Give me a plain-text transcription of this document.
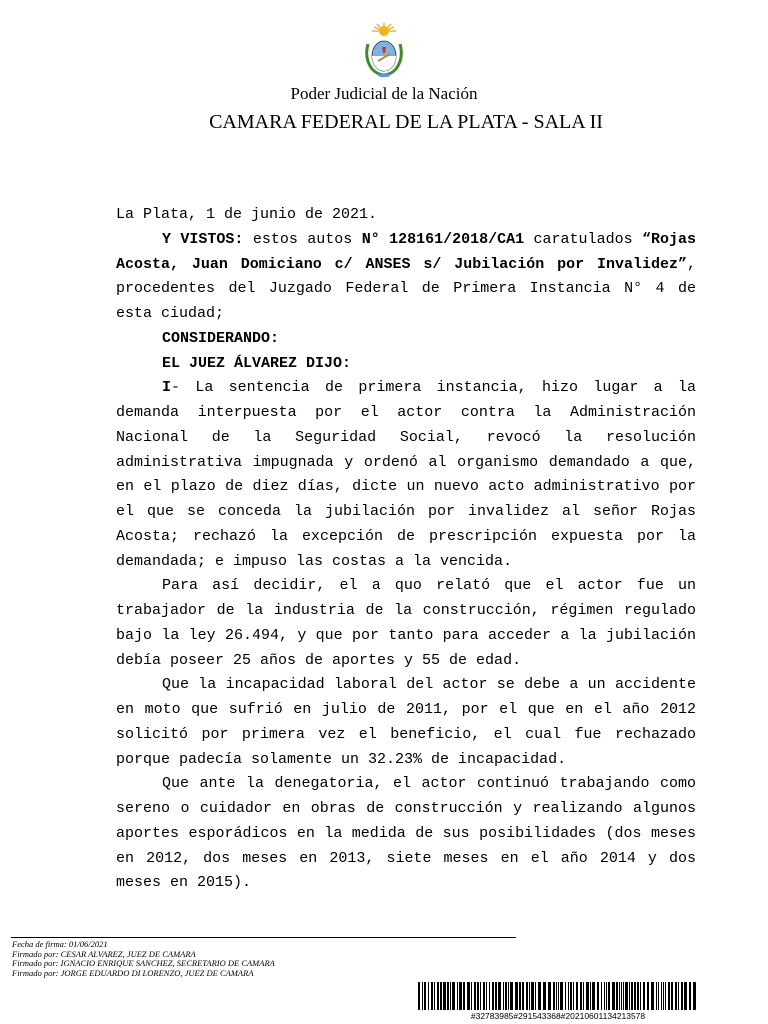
Poder Judicial de la Nación
CAMARA FEDERAL DE LA PLATA - SALA II

La Plata, 1 de junio de 2021.

Y VISTOS: estos autos N° 128161/2018/CA1 caratulados “Rojas Acosta, Juan Domiciano c/ ANSES s/ Jubilación por Invalidez”, procedentes del Juzgado Federal de Primera Instancia N° 4 de esta ciudad;

CONSIDERANDO:

EL JUEZ ÁLVAREZ DIJO:

I- La sentencia de primera instancia, hizo lugar a la demanda interpuesta por el actor contra la Administración Nacional de la Seguridad Social, revocó la resolución administrativa impugnada y ordenó al organismo demandado a que, en el plazo de diez días, dicte un nuevo acto administrativo por el que se conceda la jubilación por invalidez al señor Rojas Acosta; rechazó la excepción de prescripción expuesta por la demandada; e impuso las costas a la vencida.

Para así decidir, el a quo relató que el actor fue un trabajador de la industria de la construcción, régimen regulado bajo la ley 26.494, y que por tanto para acceder a la jubilación debía poseer 25 años de aportes y 55 de edad.

Que la incapacidad laboral del actor se debe a un accidente en moto que sufrió en julio de 2011, por el que en el año 2012 solicitó por primera vez el beneficio, el cual fue rechazado porque padecía solamente un 32.23% de incapacidad.

Que ante la denegatoria, el actor continuó trabajando como sereno o cuidador en obras de construcción y realizando algunos aportes esporádicos en la medida de sus posibilidades (dos meses en 2012, dos meses en 2013, siete meses en el año 2014 y dos meses en 2015).

Fecha de firma: 01/06/2021
Firmado por: CESAR ALVAREZ, JUEZ DE CAMARA
Firmado por: IGNACIO ENRIQUE SANCHEZ, SECRETARIO DE CAMARA
Firmado por: JORGE EDUARDO DI LORENZO, JUEZ DE CAMARA
#32783985#291543368#20210601134213578
